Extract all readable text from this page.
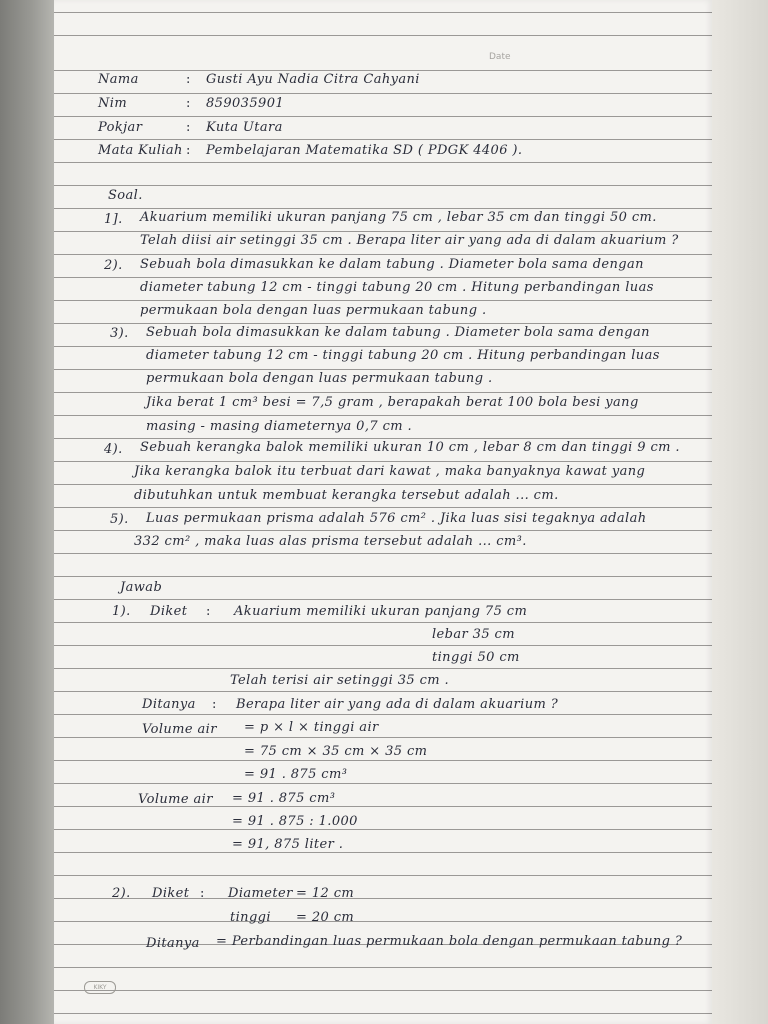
Date
Nama	: Gusti Ayu Nadia Citra Cahyani
Nim	: 859035901
Pokjar	: Kuta Utara
Mata Kuliah : Pembelajaran Matematika SD ( PDGK 4406 ).
Soal.
1]. Akuarium memiliki ukuran panjang 75 cm , lebar 35 cm dan tinggi 50 cm.
Telah diisi air setinggi 35 cm . Berapa liter air yang ada di dalam akuarium ?
2). Sebuah bola dimasukkan ke dalam tabung . Diameter bola sama dengan
diameter tabung 12 cm - tinggi tabung 20 cm . Hitung perbandingan luas
permukaan bola dengan luas permukaan tabung .
3). Sebuah bola dimasukkan ke dalam tabung . Diameter bola sama dengan
diameter tabung 12 cm - tinggi tabung 20 cm . Hitung perbandingan luas
permukaan bola dengan luas permukaan tabung .
Jika berat 1 cm³ besi = 7,5 gram , berapakah berat 100 bola besi yang
masing - masing diameternya 0,7 cm .
4). Sebuah kerangka balok memiliki ukuran 10 cm , lebar 8 cm dan tinggi 9 cm .
Jika kerangka balok itu terbuat dari kawat , maka banyaknya kawat yang
dibutuhkan untuk membuat kerangka tersebut adalah ... cm.
5). Luas permukaan prisma adalah 576 cm² . Jika luas sisi tegaknya adalah
332 cm² , maka luas alas prisma tersebut adalah ... cm³.
Jawab
1). Diket : Akuarium memiliki ukuran panjang 75 cm
lebar 35 cm
tinggi 50 cm
Telah terisi air setinggi 35 cm .
Ditanya : Berapa liter air yang ada di dalam akuarium ?
Volume air = p × l × tinggi air
= 75 cm × 35 cm × 35 cm
= 91 . 875 cm³
Volume air = 91 . 875 cm³
= 91 . 875 : 1.000
= 91, 875 liter .
2). Diket : Diameter = 12 cm
tinggi = 20 cm
Ditanya = Perbandingan luas permukaan bola dengan permukaan tabung ?
KIKY
